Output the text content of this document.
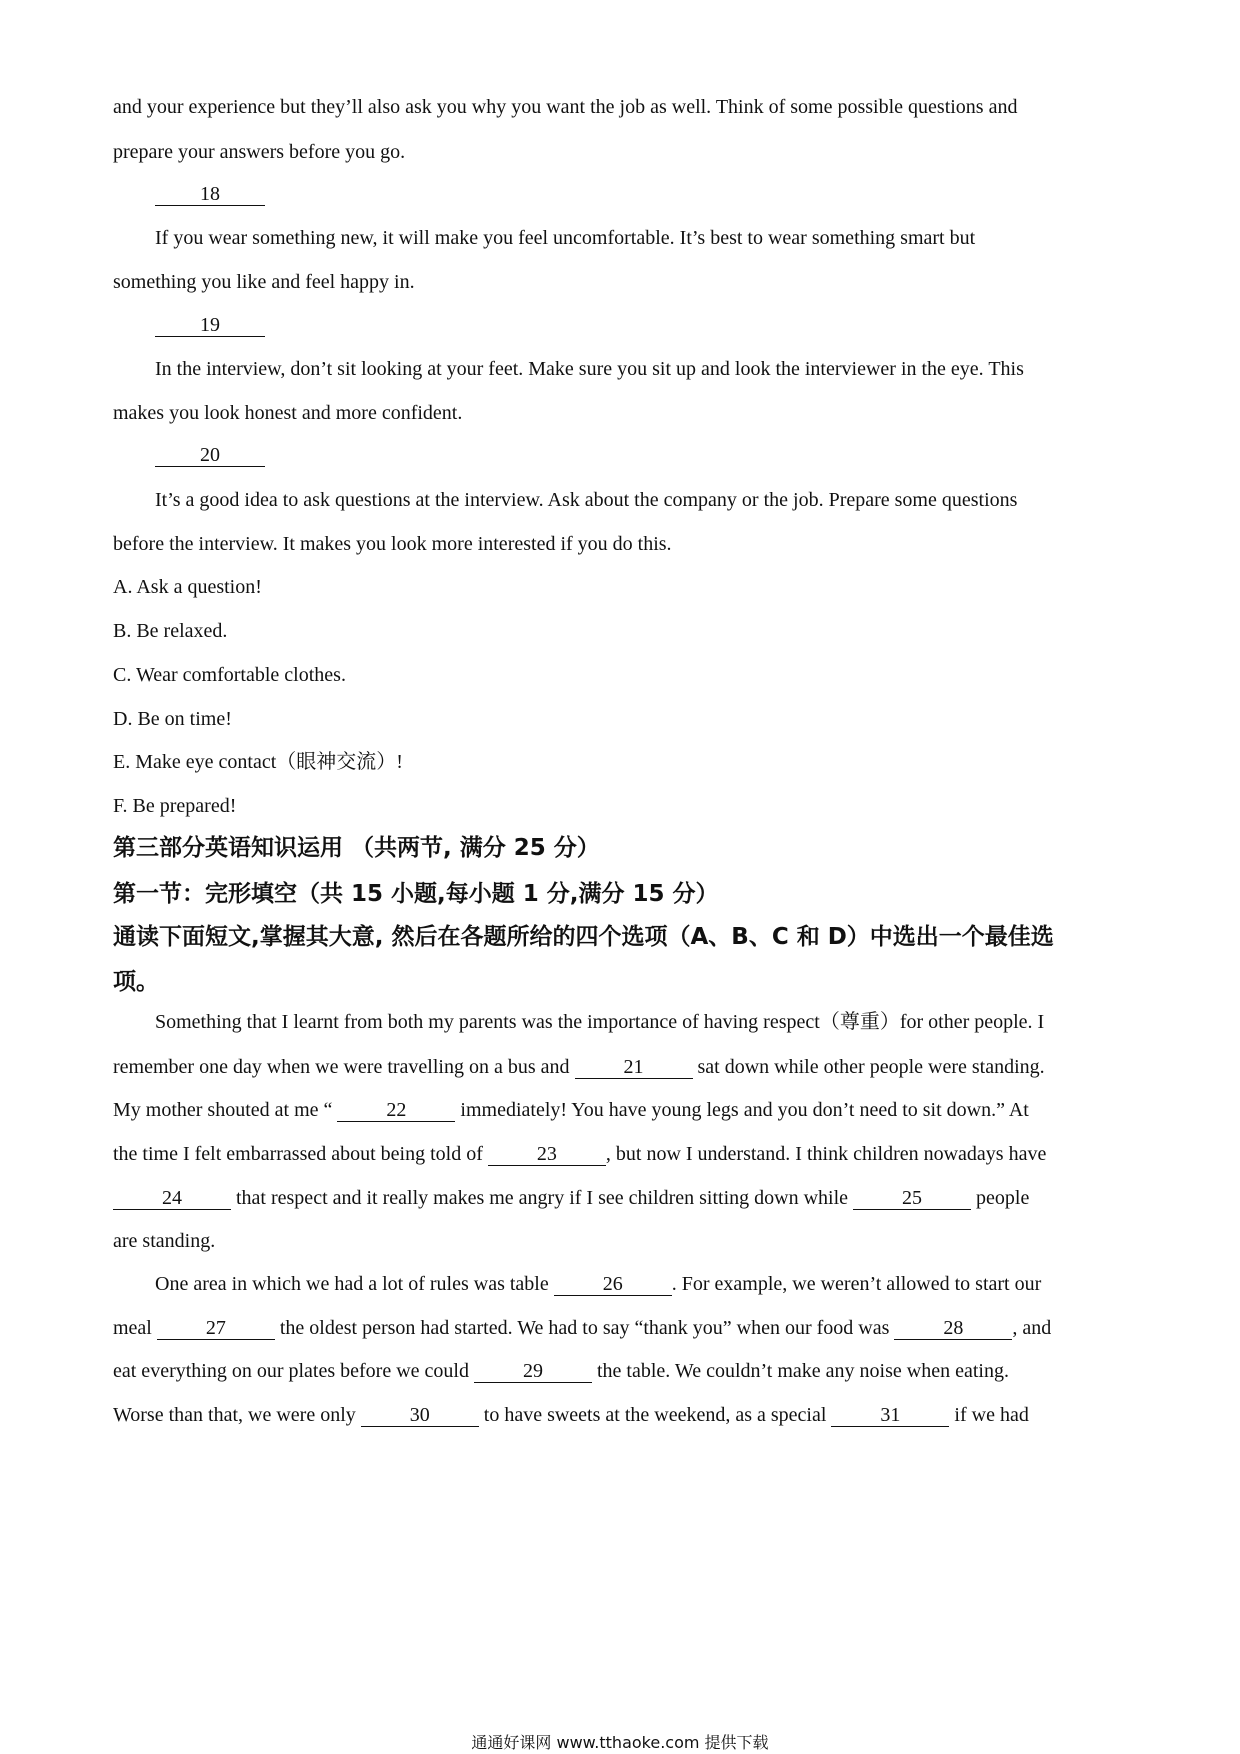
and your experience but they’ll also ask you why you want the job as well. Think of some possible questions and
prepare your answers before you go.
18
If you wear something new, it will make you feel uncomfortable. It’s best to wear something smart but
something you like and feel happy in.
19
In the interview, don’t sit looking at your feet. Make sure you sit up and look the interviewer in the eye. This
makes you look honest and more confident.
20
It’s a good idea to ask questions at the interview. Ask about the company or the job. Prepare some questions
before the interview. It makes you look more interested if you do this.
A. Ask a question!
B. Be relaxed.
C. Wear comfortable clothes.
D. Be on time!
E. Make eye contact（眼神交流）!
F. Be prepared!
第三部分英语知识运用 （共两节, 满分 25 分）
第一节：完形填空（共 15 小题,每小题 1 分,满分 15 分）
通读下面短文,掌握其大意, 然后在各题所给的四个选项（A、B、C 和 D）中选出一个最佳选
项。
Something that I learnt from both my parents was the importance of having respect（尊重）for other people. I
remember one day when we were travelling on a bus and 21 sat down while other people were standing.
My mother shouted at me “ 22 immediately! You have young legs and you don’t need to sit down.” At
the time I felt embarrassed about being told of 23 , but now I understand. I think children nowadays have
24 that respect and it really makes me angry if I see children sitting down while 25 people
are standing.
One area in which we had a lot of rules was table 26 . For example, we weren’t allowed to start our
meal 27 the oldest person had started. We had to say “thank you” when our food was 28 , and
eat everything on our plates before we could 29 the table. We couldn’t make any noise when eating.
Worse than that, we were only 30 to have sweets at the weekend, as a special 31 if we had
通通好课网 www.tthaoke.com 提供下载
